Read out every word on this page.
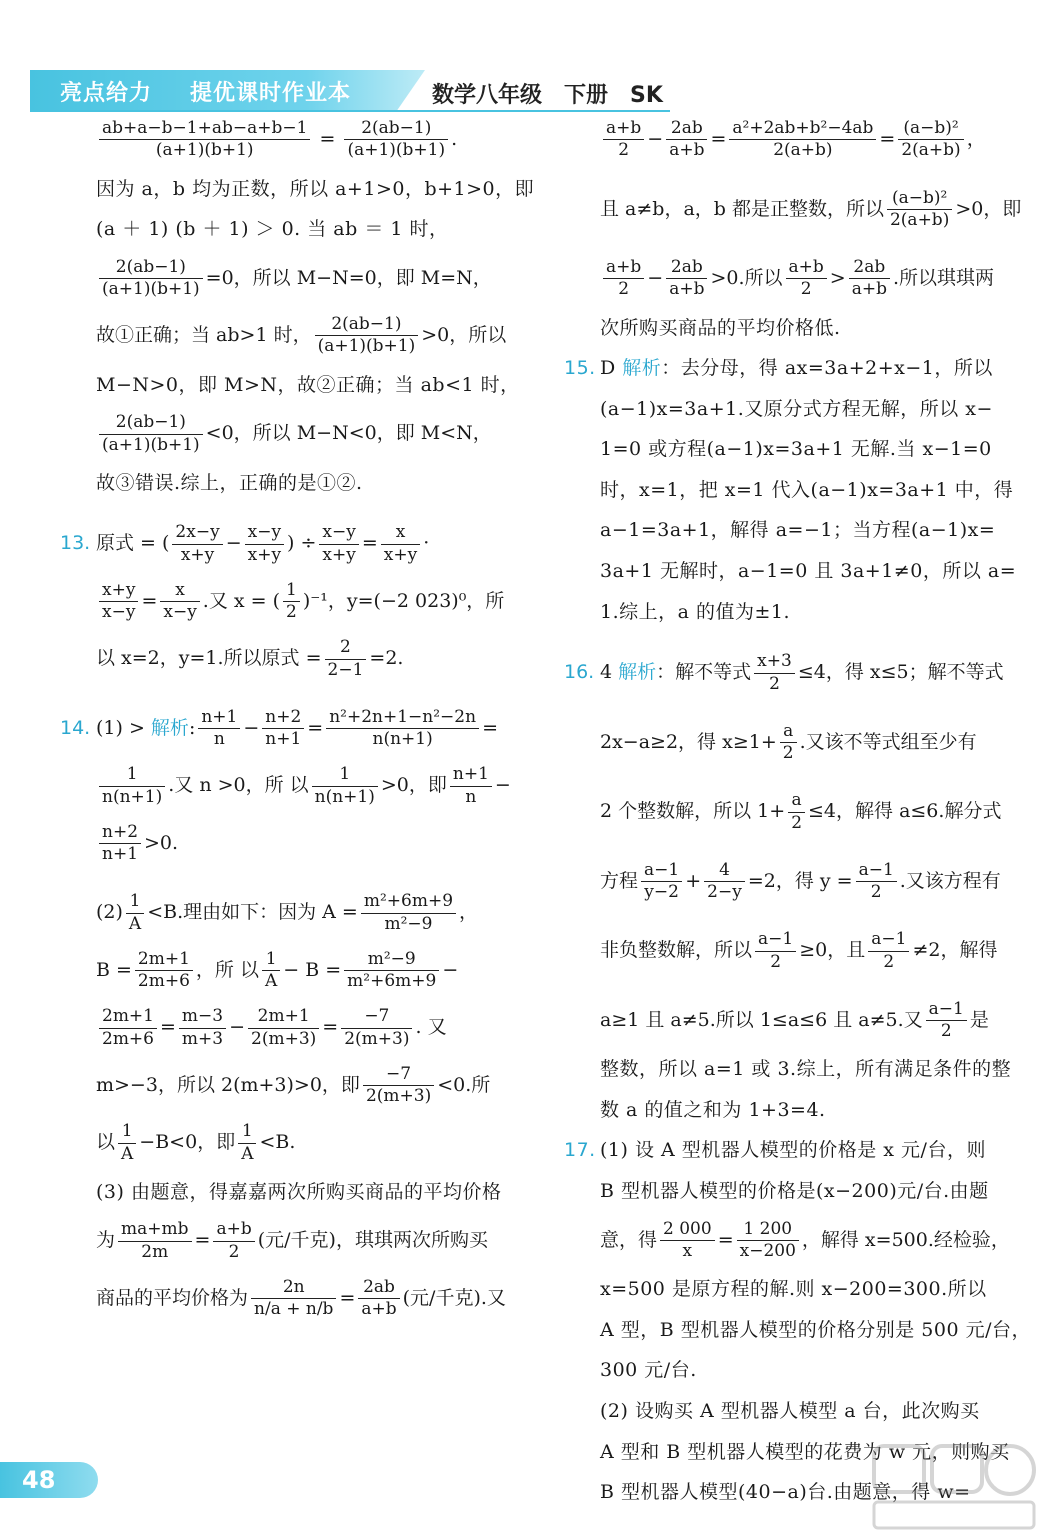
亮点给力 提优课时作业本	数学八年级　下册　SK
$\frac{ab+a-b-1+ab-a+b-1}{(a+1)(b+1)} = \frac{2(ab-1)}{(a+1)(b+1)}$ .

因为 a，b 均为正数，所以 a+1>0，b+1>0，即

(a ＋ 1) (b ＋ 1) ＞ 0. 当 ab ＝ 1 时，

$\frac{2(ab-1)}{(a+1)(b+1)} =0$，所以 M−N=0，即 M=N，
故①正确；当 ab>1 时， $\frac{2(ab-1)}{(a+1)(b+1)} >0$，所以

M−N>0，即 M>N，故②正确；当 ab<1 时，

$\frac{2(ab-1)}{(a+1)(b+1)} <0$，所以 M−N<0，即 M<N，

故③错误.综上，正确的是①②.

13. 原式 = ( $\frac{2x-y}{x+y} - \frac{x-y}{x+y}$ ) ÷ $\frac{x-y}{x+y} = \frac{x}{x+y}$ ·
$\frac{x+y}{x-y} = \frac{x}{x-y}$ .又 x = ( $\frac{1}{2} )^{-1}$，y=(−2 023)⁰，所
以 x=2，y=1.所以原式 = $\frac{2}{2-1} =2$.
14. (1) > 解析: $\frac{n+1}{n} - \frac{n+2}{n+1} = \frac{\text{n²+2n+1−n²−2n}}{n(n+1)}$ =
$\frac{1}{n(n+1)}$ .又 n >0，所 以 $\frac{1}{n(n+1)} >0$，即 $\frac{n+1}{n}$ −
$\frac{n+2}{n+1} >0$.
$(2) \frac{1}{A} <B$.理由如下：因为 $A = \frac{\text{m²+6m+9}}{\text{m²−9}}$ ，
$B = \frac{2m+1}{2m+6}$ ，所 以 $\frac{1}{A} - B = \frac{\text{m²−9}}{\text{m²+6m+9}}$ −
$\frac{2m+1}{2m+6} = \frac{m-3}{m+3} - \frac{2m+1}{2(m+3)} = \frac{-7}{2(m+3)}$ . 又
m>−3，所以 2(m+3)>0，即 $\frac{-7}{2(m+3)} <0$.所
以 $\frac{1}{A} -B<0$，即 $\frac{1}{A} <B$.

(3) 由题意，得嘉嘉两次所购买商品的平均价格

为 $\frac{ma+mb}{2m} = \frac{a+b}{2}$ (元/千克)，琪琪两次所购买
商品的平均价格为 $\frac{2n}{n/a + n/b} = \frac{2ab}{a+b}$ (元/千克).又
$\frac{a+b}{2} - \frac{2ab}{a+b} = \frac{\text{a²+2ab+b²−4ab}}{2(a+b)} = \frac{\text{(a−b)²}}{2(a+b)}$ ，
且 a≠b，a，b 都是正整数，所以 $\frac{\text{(a−b)²}}{2(a+b)} >0$，即
$\frac{a+b}{2} - \frac{2ab}{a+b} >0$.所以 $\frac{a+b}{2} > \frac{2ab}{a+b}$ .所以琪琪两

次所购买商品的平均价格低.

15. D 解析：去分母，得 ax=3a+2+x−1，所以

(a−1)x=3a+1.又原分式方程无解，所以 x−

1=0 或方程(a−1)x=3a+1 无解.当 x−1=0

时，x=1，把 x=1 代入(a−1)x=3a+1 中，得

a−1=3a+1，解得 a=−1；当方程(a−1)x=

3a+1 无解时，a−1=0 且 3a+1≠0，所以 a=

1.综上，a 的值为±1.

16. 4 解析：解不等式 $\frac{x+3}{2} \le 4$，得 x≤5；解不等式
2x−a≥2，得 $x\ge 1+ \frac{a}{2}$ .又该不等式组至少有
2 个整数解，所以 $1+ \frac{a}{2} \le 4$，解得 a≤6.解分式
方程 $\frac{a-1}{y-2} + \frac{4}{2-y} =2$，得 $y = \frac{a-1}{2}$ .又该方程有
非负整数解，所以 $\frac{a-1}{2} \ge 0$，且 $\frac{a-1}{2} \ne 2$，解得
a≥1 且 a≠5.所以 1≤a≤6 且 a≠5.又 $\frac{a-1}{2}$ 是

整数，所以 a=1 或 3.综上，所有满足条件的整

数 a 的值之和为 1+3=4.

17. (1) 设 A 型机器人模型的价格是 x 元/台，则

B 型机器人模型的价格是(x−200)元/台.由题

意，得 $\frac{2 000}{x} = \frac{1 200}{x-200}$ ，解得 x=500.经检验，

x=500 是原方程的解.则 x−200=300.所以

A 型，B 型机器人模型的价格分别是 500 元/台，

300 元/台.

(2) 设购买 A 型机器人模型 a 台，此次购买

A 型和 B 型机器人模型的花费为 w 元，则购买

B 型机器人模型(40−a)台.由题意，得 w=

48
